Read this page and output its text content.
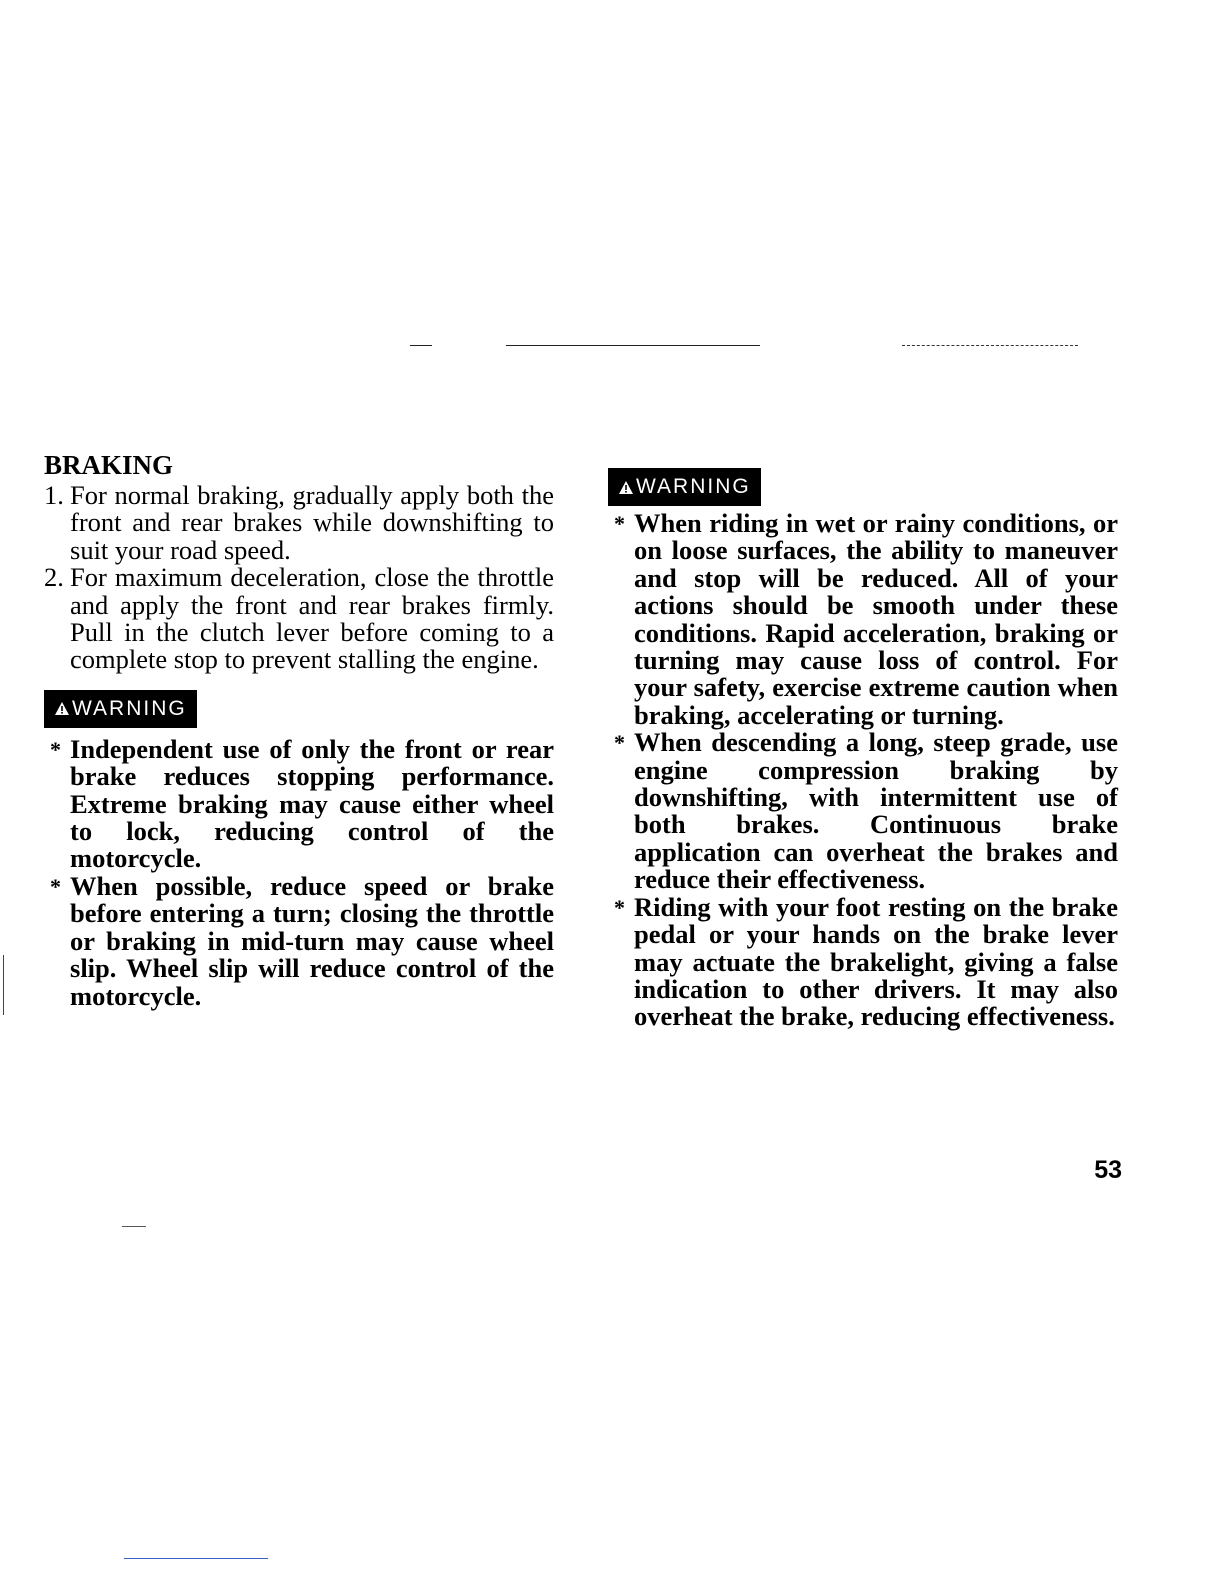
BRAKING
1. For normal braking, gradually apply both the front and rear brakes while downshifting to suit your road speed.
2. For maximum deceleration, close the throttle and apply the front and rear brakes firmly. Pull in the clutch lever before coming to a complete stop to prevent stalling the engine.
WARNING
* Independent use of only the front or rear brake reduces stopping performance. Extreme braking may cause either wheel to lock, reducing control of the motorcycle.
* When possible, reduce speed or brake before entering a turn; closing the throttle or braking in mid-turn may cause wheel slip. Wheel slip will reduce control of the motorcycle.
WARNING
* When riding in wet or rainy conditions, or on loose surfaces, the ability to maneuver and stop will be reduced. All of your actions should be smooth under these conditions. Rapid acceleration, braking or turning may cause loss of control. For your safety, exercise extreme caution when braking, accelerating or turning.
* When descending a long, steep grade, use engine compression braking by downshifting, with intermittent use of both brakes. Continuous brake application can overheat the brakes and reduce their effectiveness.
* Riding with your foot resting on the brake pedal or your hands on the brake lever may actuate the brakelight, giving a false indication to other drivers. It may also overheat the brake, reducing effectiveness.
53
